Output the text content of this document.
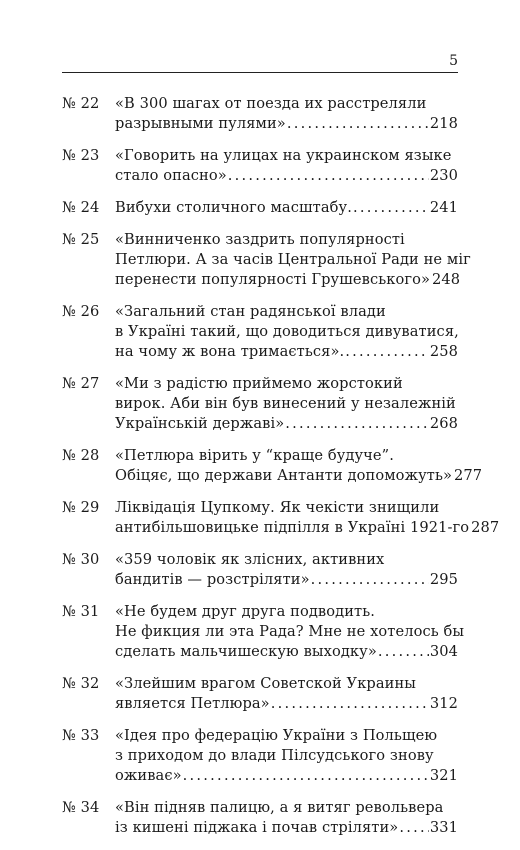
5
№ 22	«В 300 шагах от поезда их расстреляли
разрывными пулями» . . .	218
№ 23	«Говорить на улицах на украинском языке
стало опасно» . . .	230
№ 24	Вибухи столичного масштабу. . . .	241
№ 25	«Винниченко заздрить популярності
Петлюри. А за часів Центральної Ради не міг
перенести популярності Грушевського» 248
№ 26	«Загальний стан радянської влади
в Україні такий, що доводиться дивуватися,
на чому ж вона тримається». . . .	258
№ 27	«Ми з радістю приймемо жорстокий
вирок. Аби він був винесений у незалежній
Українській державі» . . .	268
№ 28	«Петлюра вірить у “краще будуче”.
Обіцяє, що держави Антанти допоможуть» 277
№ 29	Ліквідація Цупкому. Як чекісти знищили
антибільшовицьке підпілля в Україні 1921-го 287
№ 30	«359 чоловік як злісних, активних
бандитів — розстріляти» . . .	295
№ 31	«Не будем друг друга подводить.
Не фикция ли эта Рада? Мне не хотелось бы
сделать мальчишескую выходку» . . .	304
№ 32	«Злейшим врагом Советской Украины
является Петлюра» . . .	312
№ 33	«Ідея про федерацію України з Польщею
з приходом до влади Пілсудського знову
оживає» . . .	321
№ 34	«Він підняв палицю, а я витяг револьвера
із кишені піджака і почав стріляти» . . . 331
